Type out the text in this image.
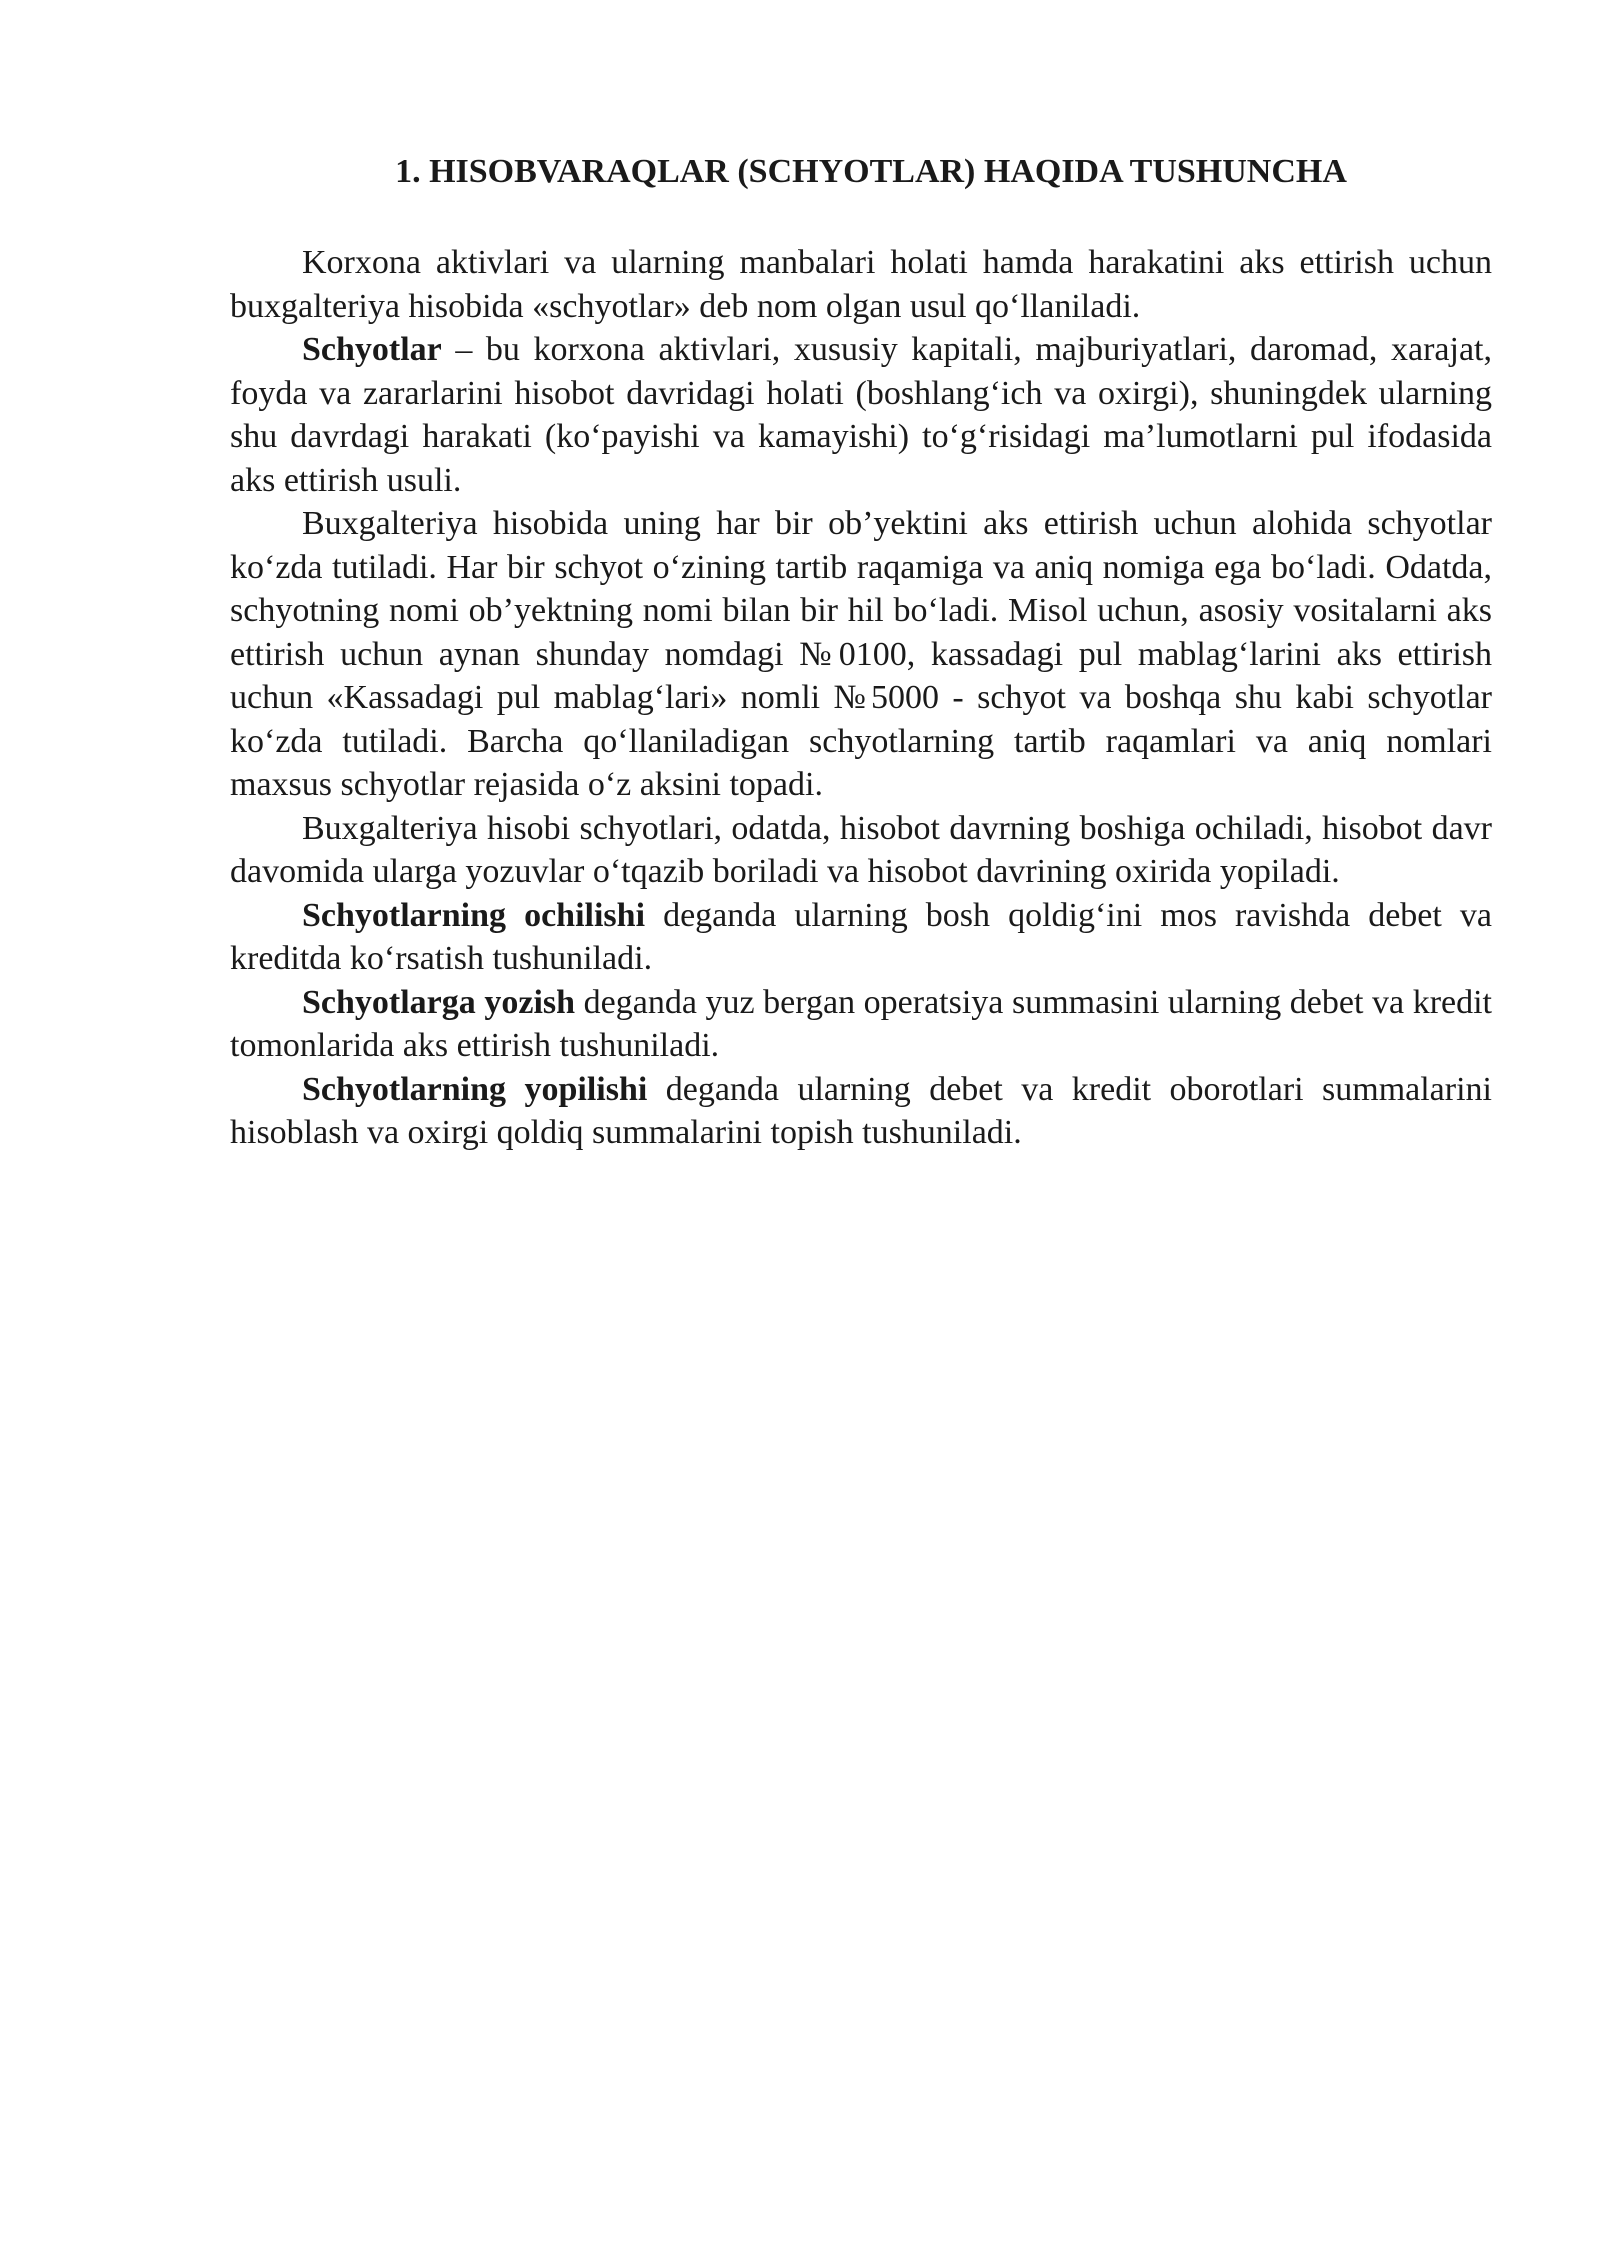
1. HISOBVARAQLAR (SCHYOTLAR) HAQIDA TUSHUNCHA

Korxona aktivlari va ularning manbalari holati hamda harakatini aks ettirish uchun buxgalteriya hisobida «schyotlar» deb nom olgan usul qo‘llaniladi.

Schyotlar – bu korxona aktivlari, xususiy kapitali, majburiyatlari, daromad, xarajat, foyda va zararlarini hisobot davridagi holati (boshlang‘ich va oxirgi), shuningdek ularning shu davrdagi harakati (ko‘payishi va kamayishi) to‘g‘risidagi ma’lumotlarni pul ifodasida aks ettirish usuli.

Buxgalteriya hisobida uning har bir ob’yektini aks ettirish uchun alohida schyotlar ko‘zda tutiladi. Har bir schyot o‘zining tartib raqamiga va aniq nomiga ega bo‘ladi. Odatda, schyotning nomi ob’yektning nomi bilan bir hil bo‘ladi. Misol uchun, asosiy vositalarni aks ettirish uchun aynan shunday nomdagi №0100, kassadagi pul mablag‘larini aks ettirish uchun «Kassadagi pul mablag‘lari» nomli №5000 - schyot va boshqa shu kabi schyotlar ko‘zda tutiladi. Barcha qo‘llaniladigan schyotlarning tartib raqamlari va aniq nomlari maxsus schyotlar rejasida o‘z aksini topadi.

Buxgalteriya hisobi schyotlari, odatda, hisobot davrning boshiga ochiladi, hisobot davr davomida ularga yozuvlar o‘tqazib boriladi va hisobot davrining oxirida yopiladi.

Schyotlarning ochilishi deganda ularning bosh qoldig‘ini mos ravishda debet va kreditda ko‘rsatish tushuniladi.

Schyotlarga yozish deganda yuz bergan operatsiya summasini ularning debet va kredit tomonlarida aks ettirish tushuniladi.

Schyotlarning yopilishi deganda ularning debet va kredit oborotlari summalarini hisoblash va oxirgi qoldiq summalarini topish tushuniladi.
